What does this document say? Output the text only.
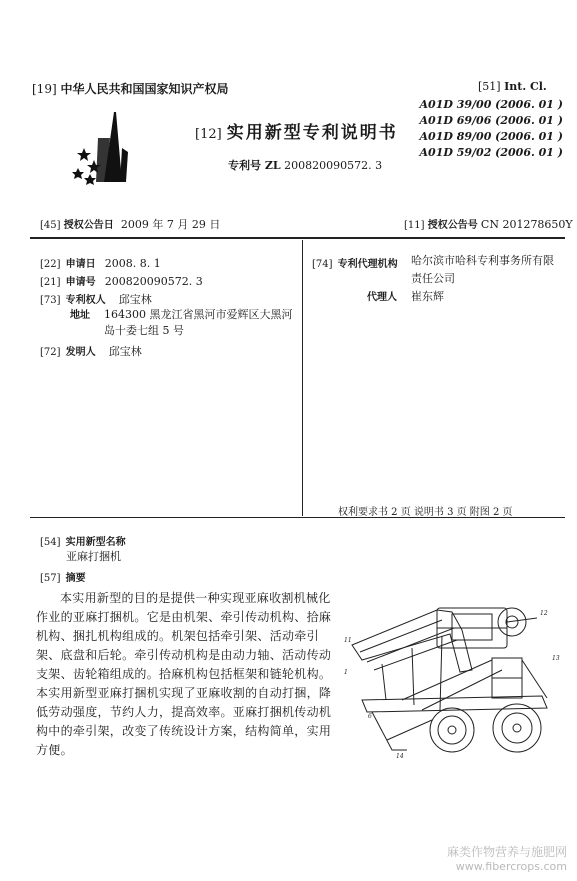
[19] 中华人民共和国国家知识产权局
[12] 实用新型专利说明书
专利号 ZL 200820090572. 3
[51] Int. Cl.
A01D 39/00 (2006. 01 )
A01D 69/06 (2006. 01 )
A01D 89/00 (2006. 01 )
A01D 59/02 (2006. 01 )
[45] 授权公告日 2009 年 7 月 29 日	[11] 授权公告号 CN 201278650Y
[22] 申请日 2008. 8. 1
[21] 申请号 200820090572. 3
[73] 专利权人 邱宝林
地址 164300 黑龙江省黑河市爱辉区大黑河
岛十委七组 5 号
[72] 发明人 邱宝林
[74] 专利代理机构 哈尔滨市哈科专利事务所有限
责任公司
代理人 崔东辉
权利要求书 2 页 说明书 3 页 附图 2 页
[54] 实用新型名称
亚麻打捆机
[57] 摘要
本实用新型的目的是提供一种实现亚麻收割机械化作业的亚麻打捆机。它是由机架、牵引传动机构、拾麻机构、捆扎机构组成的。机架包括牵引架、活动牵引架、底盘和后轮。牵引传动机构是由动力轴、活动传动支架、齿轮箱组成的。拾麻机构包括框架和链轮机构。本实用新型亚麻打捆机实现了亚麻收割的自动打捆，降低劳动强度，节约人力，提高效率。亚麻打捆机传动机构中的牵引架，改变了传统设计方案，结构简单，实用方便。
11
12
13
1
6
14
麻类作物营养与施肥网
www.fibercrops.com
